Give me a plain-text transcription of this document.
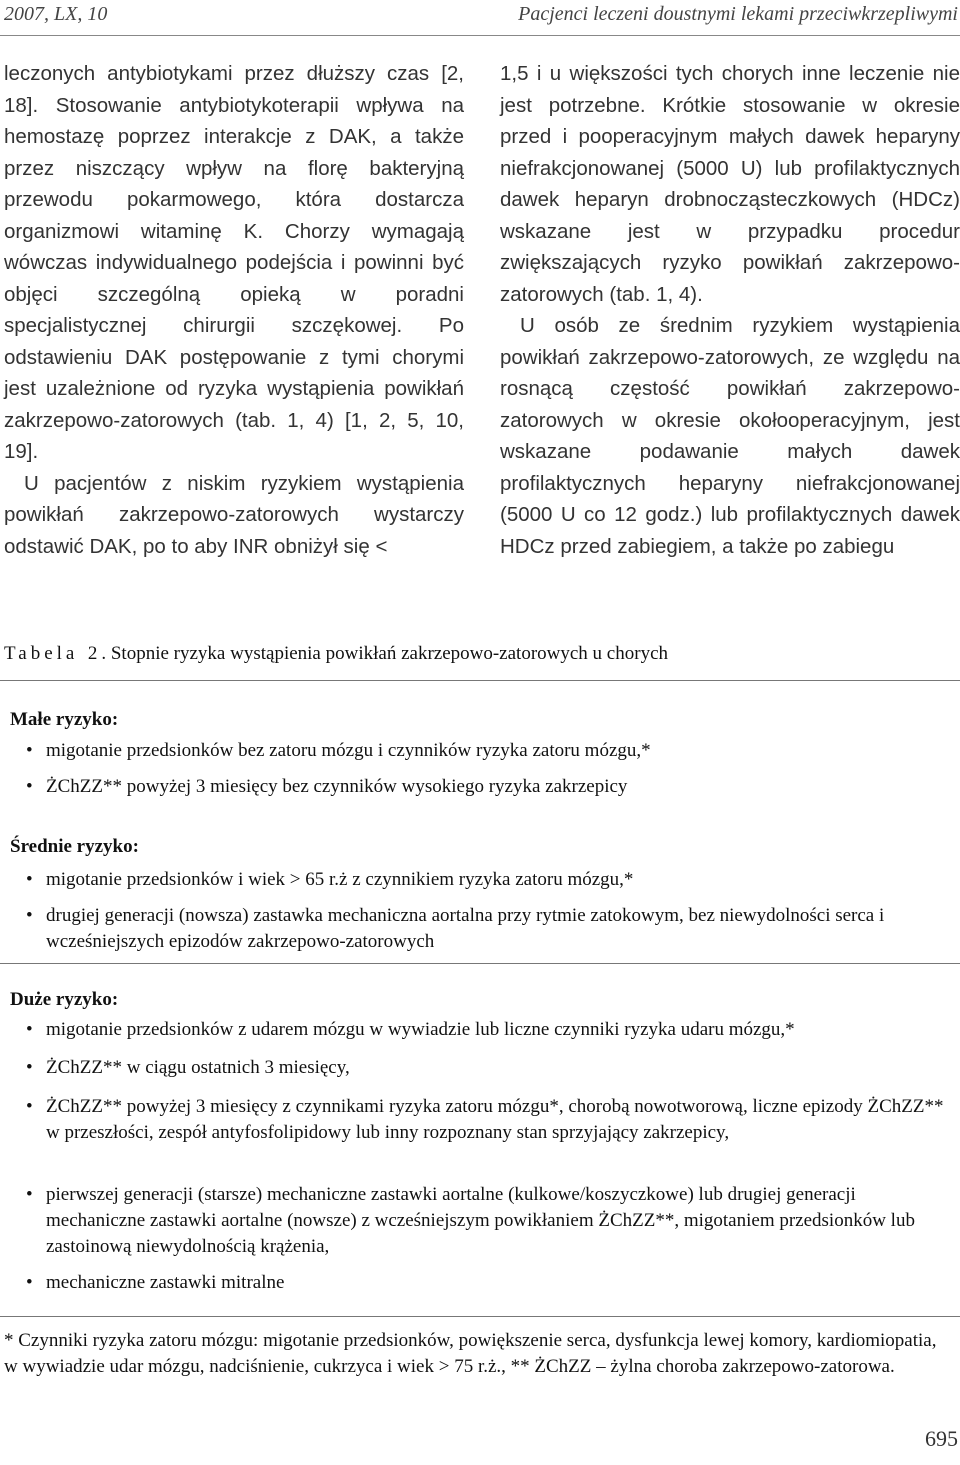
2007, LX, 10	Pacjenci leczeni doustnymi lekami przeciwkrzepliwymi

leczonych antybiotykami przez dłuższy czas [2, 18]. Stosowanie antybiotykoterapii wpływa na hemostazę poprzez interakcje z DAK, a także przez niszczący wpływ na florę bakteryjną przewodu pokarmowego, która dostarcza organizmowi witaminę K. Chorzy wymagają wówczas indywidualnego podejścia i powinni być objęci szczególną opieką w poradni specjalistycznej chirurgii szczękowej. Po odstawieniu DAK postępowanie z tymi chorymi jest uzależnione od ryzyka wystąpienia powikłań zakrzepowo-zatorowych (tab. 1, 4) [1, 2, 5, 10, 19].

U pacjentów z niskim ryzykiem wystąpienia powikłań zakrzepowo-zatorowych wystarczy odstawić DAK, po to aby INR obniżył się <

1,5 i u większości tych chorych inne leczenie nie jest potrzebne. Krótkie stosowanie w okresie przed i pooperacyjnym małych dawek heparyny niefrakcjonowanej (5000 U) lub profilaktycznych dawek heparyn drobnocząsteczkowych (HDCz) wskazane jest w przypadku procedur zwiększających ryzyko powikłań zakrzepowo-zatorowych (tab. 1, 4).

U osób ze średnim ryzykiem wystąpienia powikłań zakrzepowo-zatorowych, ze względu na rosnącą częstość powikłań zakrzepowo-zatorowych w okresie okołooperacyjnym, jest wskazane podawanie małych dawek profilaktycznych heparyny niefrakcjonowanej (5000 U co 12 godz.) lub profilaktycznych dawek HDCz przed zabiegiem, a także po zabiegu

Tabela 2. Stopnie ryzyka wystąpienia powikłań zakrzepowo-zatorowych u chorych
Małe ryzyko:
• migotanie przedsionków bez zatoru mózgu i czynników ryzyka zatoru mózgu,*
• ŻChZZ** powyżej 3 miesięcy bez czynników wysokiego ryzyka zakrzepicy
Średnie ryzyko:
• migotanie przedsionków i wiek > 65 r.ż z czynnikiem ryzyka zatoru mózgu,*
• drugiej generacji (nowsza) zastawka mechaniczna aortalna przy rytmie zatokowym, bez niewydolności serca i wcześniejszych epizodów zakrzepowo-zatorowych
Duże ryzyko:
• migotanie przedsionków z udarem mózgu w wywiadzie lub liczne czynniki ryzyka udaru mózgu,*
• ŻChZZ** w ciągu ostatnich 3 miesięcy,
• ŻChZZ** powyżej 3 miesięcy z czynnikami ryzyka zatoru mózgu*, chorobą nowotworową, liczne epizody ŻChZZ** w przeszłości, zespół antyfosfolipidowy lub inny rozpoznany stan sprzyjający zakrzepicy,
• pierwszej generacji (starsze) mechaniczne zastawki aortalne (kulkowe/koszyczkowe) lub drugiej generacji mechaniczne zastawki aortalne (nowsze) z wcześniejszym powikłaniem ŻChZZ**, migotaniem przedsionków lub zastoinową niewydolnością krążenia,
• mechaniczne zastawki mitralne
* Czynniki ryzyka zatoru mózgu: migotanie przedsionków, powiększenie serca, dysfunkcja lewej komory, kardiomiopatia, w wywiadzie udar mózgu, nadciśnienie, cukrzyca i wiek > 75 r.ż., ** ŻChZZ – żylna choroba zakrzepowo-zatorowa.
695
